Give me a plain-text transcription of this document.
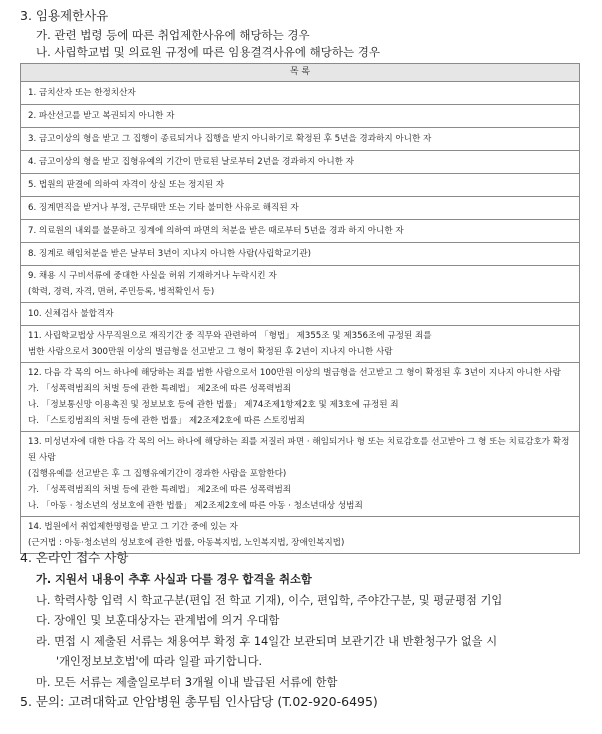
3. 임용제한사유
가. 관련 법령 등에 따른 취업제한사유에 해당하는 경우
나. 사립학교법 및 의료원 규정에 따른 임용결격사유에 해당하는 경우
목 록

1. 금치산자 또는 한정치산자

2. 파산선고를 받고 복권되지 아니한 자

3. 금고이상의 형을 받고 그 집행이 종료되거나 집행을 받지 아니하기로 확정된 후 5년을 경과하지 아니한 자

4. 금고이상의 형을 받고 집형유예의 기간이 만료된 날로부터 2년을 경과하지 아니한 자

5. 법원의 판결에 의하여 자격이 상실 또는 정지된 자

6. 징계면직을 받거나 부정, 근무태만 또는 기타 불미한 사유로 해직된 자

7. 의료원의 내외를 불문하고 징계에 의하여 파면의 처분을 받은 때로부터 5년을 경과 하지 아니한 자

8. 징계로 해임처분을 받은 날부터 3년이 지나지 아니한 사람(사립학교기관)

9. 채용 시 구비서류에 중대한 사실을 허위 기재하거나 누락시킨 자
(학력, 경력, 자격, 면허, 주민등록, 병적확인서 등)

10. 신체검사 불합격자

11. 사립학교법상 사무직원으로 재직기간 중 직무와 관련하여 「형법」 제355조 및 제356조에 규정된 죄를
범한 사람으로서 300만원 이상의 벌금형을 선고받고 그 형이 확정된 후 2년이 지나지 아니한 사람

12. 다음 각 목의 어느 하나에 해당하는 죄를 범한 사람으로서 100만원 이상의 벌금형을 선고받고 그 형이 확정된 후 3년이 지나지 아니한 사람
가. 「성폭력범죄의 처벌 등에 관한 특례법」 제2조에 따른 성폭력범죄
나. 「정보통신망 이용촉진 및 정보보호 등에 관한 법률」 제74조제1항제2호 및 제3호에 규정된 죄
다. 「스토킹범죄의 처벌 등에 관한 법률」 제2조제2호에 따른 스토킹범죄

13. 미성년자에 대한 다음 각 목의 어느 하나에 해당하는 죄를 저질러 파면 · 해임되거나 형 또는 치료감호를 선고받아 그 형 또는 치료감호가 확정된 사람
(집행유예를 선고받은 후 그 집행유예기간이 경과한 사람을 포함한다)
가. 「성폭력범죄의 처벌 등에 관한 특례법」 제2조에 따른 성폭력범죄
나. 「아동 · 청소년의 성보호에 관한 법률」 제2조제2호에 따른 아동 · 청소년대상 성범죄

14. 법원에서 취업제한명령을 받고 그 기간 중에 있는 자
(근거법 : 아동·청소년의 성보호에 관한 법률, 아동복지법, 노인복지법, 장애인복지법)
4. 온라인 접수 사항
가. 지원서 내용이 추후 사실과 다를 경우 합격을 취소함
나. 학력사항 입력 시 학교구분(편입 전 학교 기재), 이수, 편입학, 주야간구분, 및 평균평점 기입
다. 장애인 및 보훈대상자는 관계법에 의거 우대함
라. 면접 시 제출된 서류는 채용여부 확정 후 14일간 보관되며 보관기간 내 반환청구가 없을 시
'개인정보보호법'에 따라 일괄 파기합니다.
마. 모든 서류는 제출일로부터 3개월 이내 발급된 서류에 한함
5. 문의: 고려대학교 안암병원 총무팀 인사담당 (T.02-920-6495)
